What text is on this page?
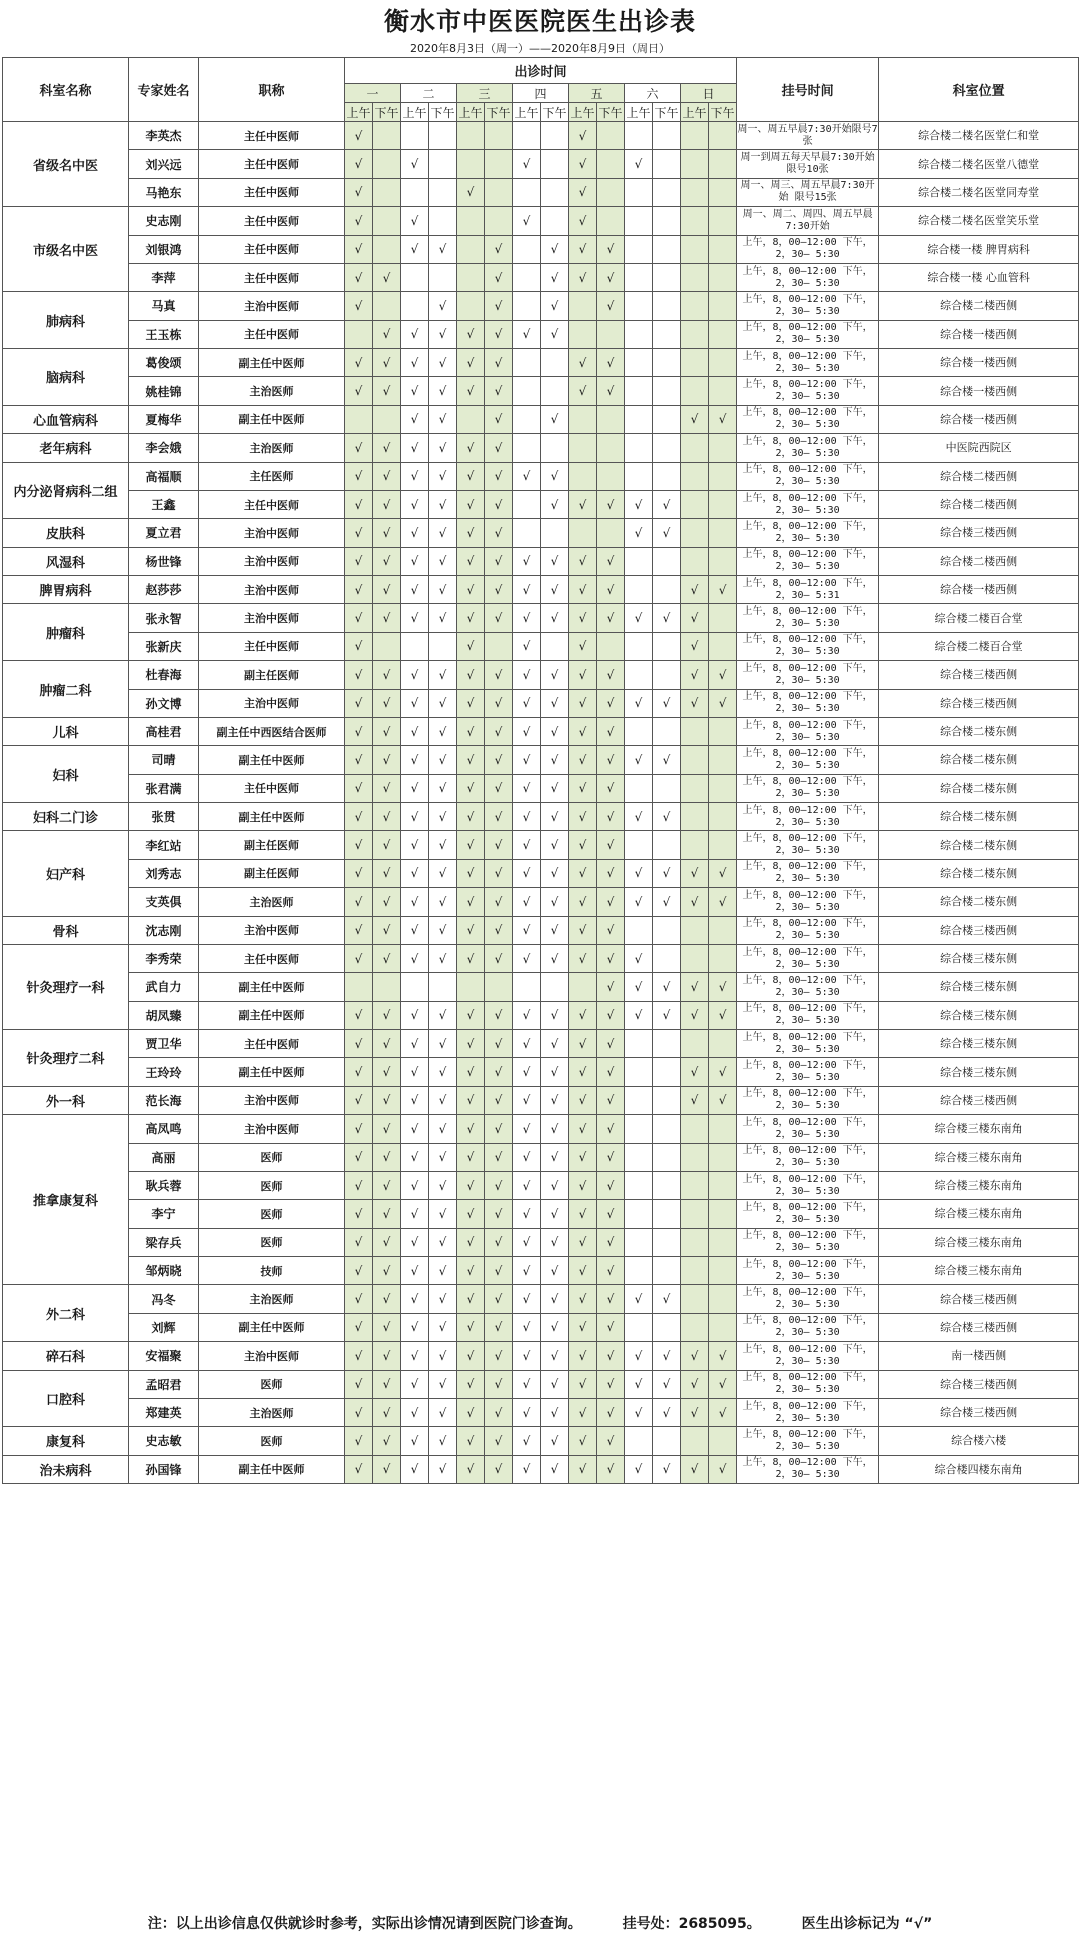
衡水市中医医院医生出诊表
2020年8月3日（周一）——2020年8月9日（周日）
科室名称	专家姓名	职称	出诊时间														挂号时间	科室位置
			一		二		三		四		五		六		日			
			上午	下午	上午	下午	上午	下午	上午	下午	上午	下午	上午	下午	上午	下午		
省级名中医	李英杰	主任中医师	√								√						周一、周五早晨7:30开始限号7张	综合楼二楼名医堂仁和堂
	刘兴远	主任中医师	√		√				√		√		√				周一到周五每天早晨7:30开始 限号10张	综合楼二楼名医堂八德堂
	马艳东	主任中医师	√				√				√						周一、周三、周五早晨7:30开始 限号15张	综合楼二楼名医堂同寿堂
市级名中医	史志刚	主任中医师	√		√				√		√						周一、周二、周四、周五早晨7:30开始	综合楼二楼名医堂笑乐堂
	刘银鸿	主任中医师	√		√	√		√		√	√	√					上午，8，00—12:00 下午，2，30— 5:30	综合楼一楼 脾胃病科
	李萍	主任中医师	√	√				√		√	√	√					上午，8，00—12:00 下午，2，30— 5:30	综合楼一楼 心血管科
肺病科	马真	主治中医师	√			√		√		√		√					上午，8，00—12:00 下午，2，30— 5:30	综合楼二楼西侧
	王玉栋	主任中医师		√	√	√	√	√	√	√							上午，8，00—12:00 下午，2，30— 5:30	综合楼一楼西侧
脑病科	葛俊颂	副主任中医师	√	√	√	√	√	√			√	√					上午，8，00—12:00 下午，2，30— 5:30	综合楼一楼西侧
	姚桂锦	主治医师	√	√	√	√	√	√			√	√					上午，8，00—12:00 下午，2，30— 5:30	综合楼一楼西侧
心血管病科	夏梅华	副主任中医师			√	√		√		√					√	√	上午，8，00—12:00 下午，2，30— 5:30	综合楼一楼西侧
老年病科	李会娥	主治医师	√	√	√	√	√	√									上午，8，00—12:00 下午，2，30— 5:30	中医院西院区
内分泌肾病科二组	高福顺	主任医师	√	√	√	√	√	√	√	√							上午，8，00—12:00 下午，2，30— 5:30	综合楼二楼西侧
	王鑫	主任中医师	√	√	√	√	√	√		√	√	√	√	√			上午，8，00—12:00 下午，2，30— 5:30	综合楼二楼西侧
皮肤科	夏立君	主治中医师	√	√	√	√	√	√					√	√			上午，8，00—12:00 下午，2，30— 5:30	综合楼三楼西侧
风湿科	杨世锋	主治中医师	√	√	√	√	√	√	√	√	√	√					上午，8，00—12:00 下午，2，30— 5:30	综合楼二楼西侧
脾胃病科	赵莎莎	主治中医师	√	√	√	√	√	√	√	√	√	√			√	√	上午，8，00—12:00 下午，2，30— 5:31	综合楼一楼西侧
肿瘤科	张永智	主治中医师	√	√	√	√	√	√	√	√	√	√	√	√	√		上午，8，00—12:00 下午，2，30— 5:30	综合楼二楼百合堂
	张新庆	主任中医师	√				√		√		√				√		上午，8，00—12:00 下午，2，30— 5:30	综合楼二楼百合堂
肿瘤二科	杜春海	副主任医师	√	√	√	√	√	√	√	√	√	√			√	√	上午，8，00—12:00 下午，2，30— 5:30	综合楼三楼西侧
	孙文博	主治中医师	√	√	√	√	√	√	√	√	√	√	√	√	√	√	上午，8，00—12:00 下午，2，30— 5:30	综合楼三楼西侧
儿科	高桂君	副主任中西医结合医师	√	√	√	√	√	√	√	√	√	√					上午，8，00—12:00 下午，2，30— 5:30	综合楼二楼东侧
妇科	司晴	副主任中医师	√	√	√	√	√	√	√	√	√	√	√	√			上午，8，00—12:00 下午，2，30— 5:30	综合楼二楼东侧
	张君满	主任中医师	√	√	√	√	√	√	√	√	√	√					上午，8，00—12:00 下午，2，30— 5:30	综合楼二楼东侧
妇科二门诊	张贯	副主任中医师	√	√	√	√	√	√	√	√	√	√	√	√			上午，8，00—12:00 下午，2，30— 5:30	综合楼二楼东侧
妇产科	李红站	副主任医师	√	√	√	√	√	√	√	√	√	√					上午，8，00—12:00 下午，2，30— 5:30	综合楼二楼东侧
	刘秀志	副主任医师	√	√	√	√	√	√	√	√	√	√	√	√	√	√	上午，8，00—12:00 下午，2，30— 5:30	综合楼二楼东侧
	支英俱	主治医师	√	√	√	√	√	√	√	√	√	√	√	√	√	√	上午，8，00—12:00 下午，2，30— 5:30	综合楼二楼东侧
骨科	沈志刚	主治中医师	√	√	√	√	√	√	√	√	√	√					上午，8，00—12:00 下午，2，30— 5:30	综合楼三楼西侧
针灸理疗一科	李秀荣	主任中医师	√	√	√	√	√	√	√	√	√	√	√				上午，8，00—12:00 下午，2，30— 5:30	综合楼三楼东侧
	武自力	副主任中医师										√	√	√	√	√	上午，8，00—12:00 下午，2，30— 5:30	综合楼三楼东侧
	胡凤臻	副主任中医师	√	√	√	√	√	√	√	√	√	√	√	√	√	√	上午，8，00—12:00 下午，2，30— 5:30	综合楼三楼东侧
针灸理疗二科	贾卫华	主任中医师	√	√	√	√	√	√	√	√	√	√					上午，8，00—12:00 下午，2，30— 5:30	综合楼三楼东侧
	王玲玲	副主任中医师	√	√	√	√	√	√	√	√	√	√			√	√	上午，8，00—12:00 下午，2，30— 5:30	综合楼三楼东侧
外一科	范长海	主治中医师	√	√	√	√	√	√	√	√	√	√			√	√	上午，8，00—12:00 下午，2，30— 5:30	综合楼三楼西侧
推拿康复科	高凤鸣	主治中医师	√	√	√	√	√	√	√	√	√	√					上午，8，00—12:00 下午，2，30— 5:30	综合楼三楼东南角
	高丽	医师	√	√	√	√	√	√	√	√	√	√					上午，8，00—12:00 下午，2，30— 5:30	综合楼三楼东南角
	耿兵蓉	医师	√	√	√	√	√	√	√	√	√	√					上午，8，00—12:00 下午，2，30— 5:30	综合楼三楼东南角
	李宁	医师	√	√	√	√	√	√	√	√	√	√					上午，8，00—12:00 下午，2，30— 5:30	综合楼三楼东南角
	梁存兵	医师	√	√	√	√	√	√	√	√	√	√					上午，8，00—12:00 下午，2，30— 5:30	综合楼三楼东南角
	邹炳晓	技师	√	√	√	√	√	√	√	√	√	√					上午，8，00—12:00 下午，2，30— 5:30	综合楼三楼东南角
外二科	冯冬	主治医师	√	√	√	√	√	√	√	√	√	√	√	√			上午，8，00—12:00 下午，2，30— 5:30	综合楼三楼西侧
	刘辉	副主任中医师	√	√	√	√	√	√	√	√	√	√					上午，8，00—12:00 下午，2，30— 5:30	综合楼三楼西侧
碎石科	安福聚	主治中医师	√	√	√	√	√	√	√	√	√	√	√	√	√	√	上午，8，00—12:00 下午，2，30— 5:30	南一楼西侧
口腔科	孟昭君	医师	√	√	√	√	√	√	√	√	√	√	√	√	√	√	上午，8，00—12:00 下午，2，30— 5:30	综合楼三楼西侧
	郑建英	主治医师	√	√	√	√	√	√	√	√	√	√	√	√	√	√	上午，8，00—12:00 下午，2，30— 5:30	综合楼三楼西侧
康复科	史志敏	医师	√	√	√	√	√	√	√	√	√	√					上午，8，00—12:00 下午，2，30— 5:30	综合楼六楼
治未病科	孙国锋	副主任中医师	√	√	√	√	√	√	√	√	√	√	√	√	√	√	上午，8，00—12:00 下午，2，30— 5:30	综合楼四楼东南角
注：以上出诊信息仅供就诊时参考，实际出诊情况请到医院门诊查询。	挂号处：2685095。	医生出诊标记为 “√”
